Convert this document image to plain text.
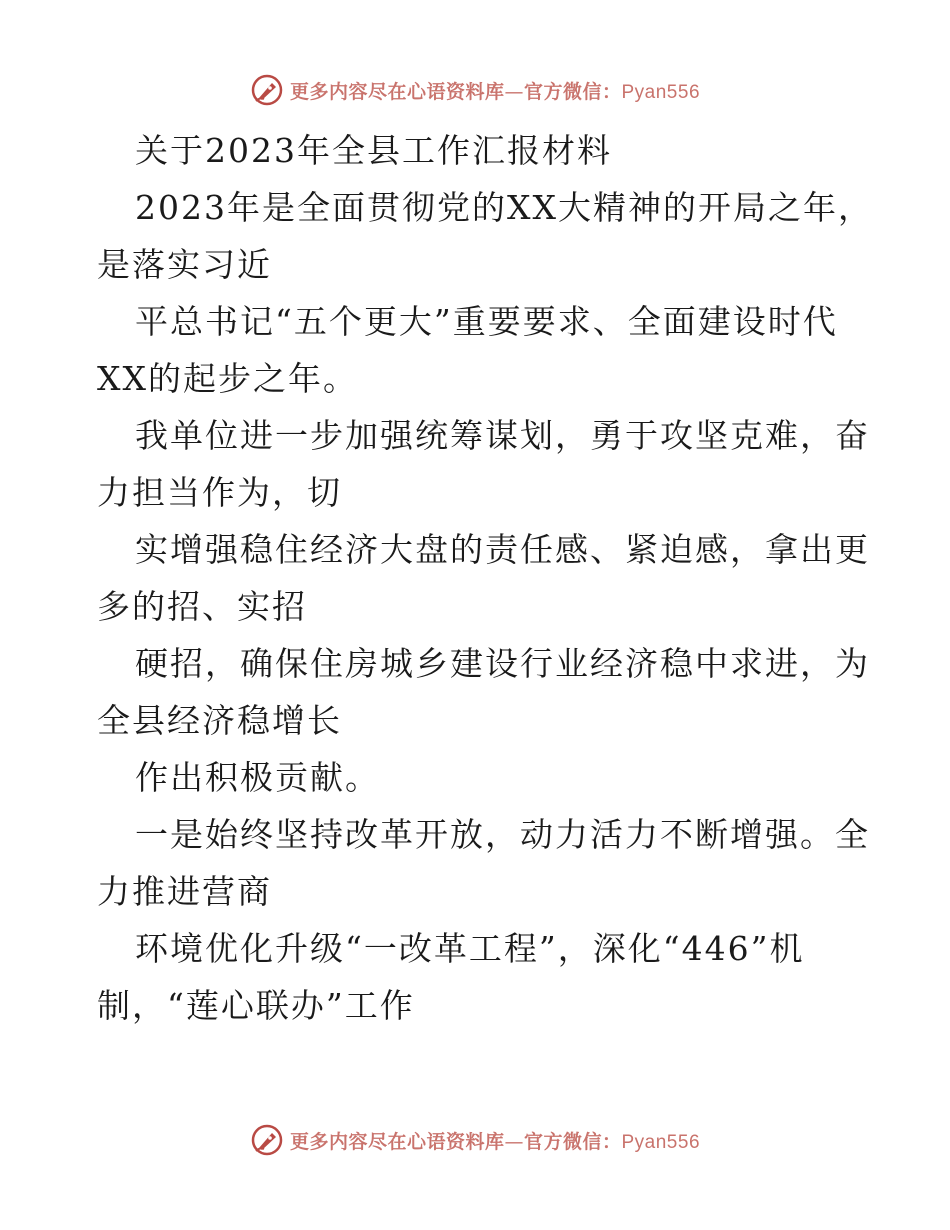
更多内容尽在心语资料库—官方微信：Pyan556
关于2023年全县工作汇报材料
2023年是全面贯彻党的XX大精神的开局之年，
是落实习近
平总书记“五个更大”重要要求、全面建设时代
XX的起步之年。
我单位进一步加强统筹谋划，勇于攻坚克难，奋
力担当作为，切
实增强稳住经济大盘的责任感、紧迫感，拿出更
多的招、实招
硬招，确保住房城乡建设行业经济稳中求进，为
全县经济稳增长
作出积极贡献。
一是始终坚持改革开放，动力活力不断增强。全
力推进营商
环境优化升级“一改革工程”，深化“446”机
制，“莲心联办”工作
更多内容尽在心语资料库—官方微信：Pyan556
